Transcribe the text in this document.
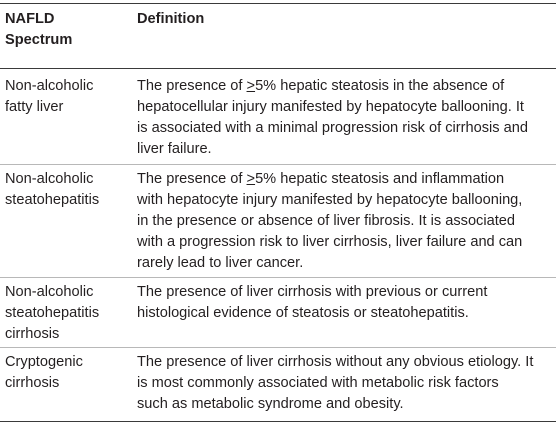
NAFLD
Spectrum
Definition
Non-alcoholic
fatty liver
The presence of >5% hepatic steatosis in the absence of
hepatocellular injury manifested by hepatocyte ballooning. It
is associated with a minimal progression risk of cirrhosis and
liver failure.
Non-alcoholic
steatohepatitis
The presence of >5% hepatic steatosis and inflammation
with hepatocyte injury manifested by hepatocyte ballooning,
in the presence or absence of liver fibrosis. It is associated
with a progression risk to liver cirrhosis, liver failure and can
rarely lead to liver cancer.
Non-alcoholic
steatohepatitis
cirrhosis
The presence of liver cirrhosis with previous or current
histological evidence of steatosis or steatohepatitis.
Cryptogenic
cirrhosis
The presence of liver cirrhosis without any obvious etiology. It
is most commonly associated with metabolic risk factors
such as metabolic syndrome and obesity.
